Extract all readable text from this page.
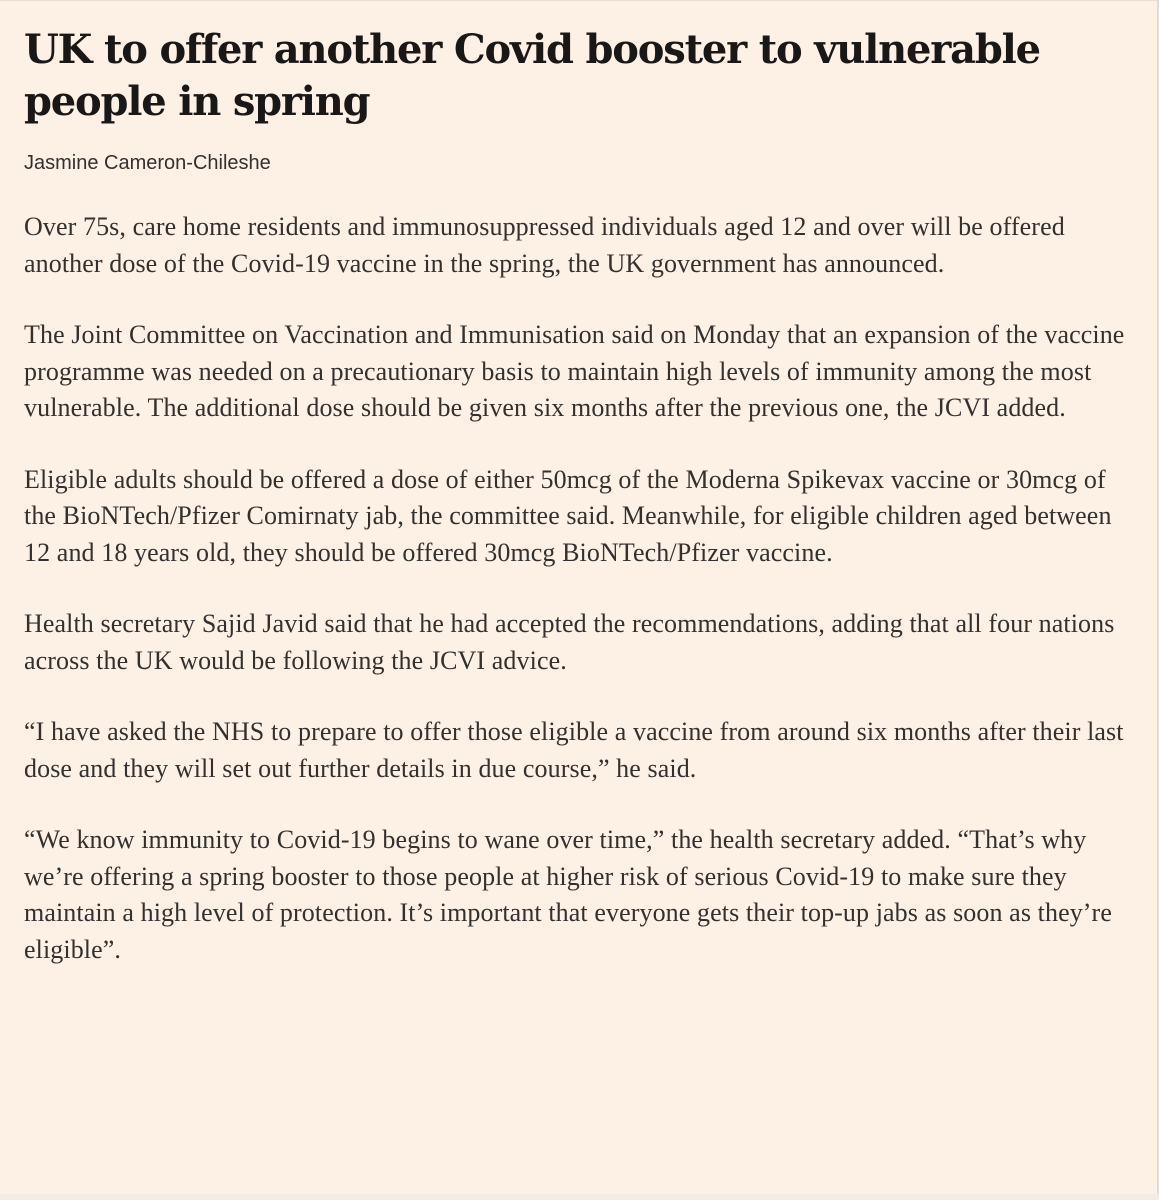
UK to offer another Covid booster to vulnerable people in spring

Jasmine Cameron-Chileshe

Over 75s, care home residents and immunosuppressed individuals aged 12 and over will be offered another dose of the Covid-19 vaccine in the spring, the UK government has announced.

The Joint Committee on Vaccination and Immunisation said on Monday that an expansion of the vaccine programme was needed on a precautionary basis to maintain high levels of immunity among the most vulnerable. The additional dose should be given six months after the previous one, the JCVI added.

Eligible adults should be offered a dose of either 50mcg of the Moderna Spikevax vaccine or 30mcg of the BioNTech/Pfizer Comirnaty jab, the committee said. Meanwhile, for eligible children aged between 12 and 18 years old, they should be offered 30mcg BioNTech/Pfizer vaccine.

Health secretary Sajid Javid said that he had accepted the recommendations, adding that all four nations across the UK would be following the JCVI advice.

“I have asked the NHS to prepare to offer those eligible a vaccine from around six months after their last dose and they will set out further details in due course,” he said.

“We know immunity to Covid-19 begins to wane over time,” the health secretary added. “That’s why we’re offering a spring booster to those people at higher risk of serious Covid-19 to make sure they maintain a high level of protection. It’s important that everyone gets their top-up jabs as soon as they’re eligible”.
